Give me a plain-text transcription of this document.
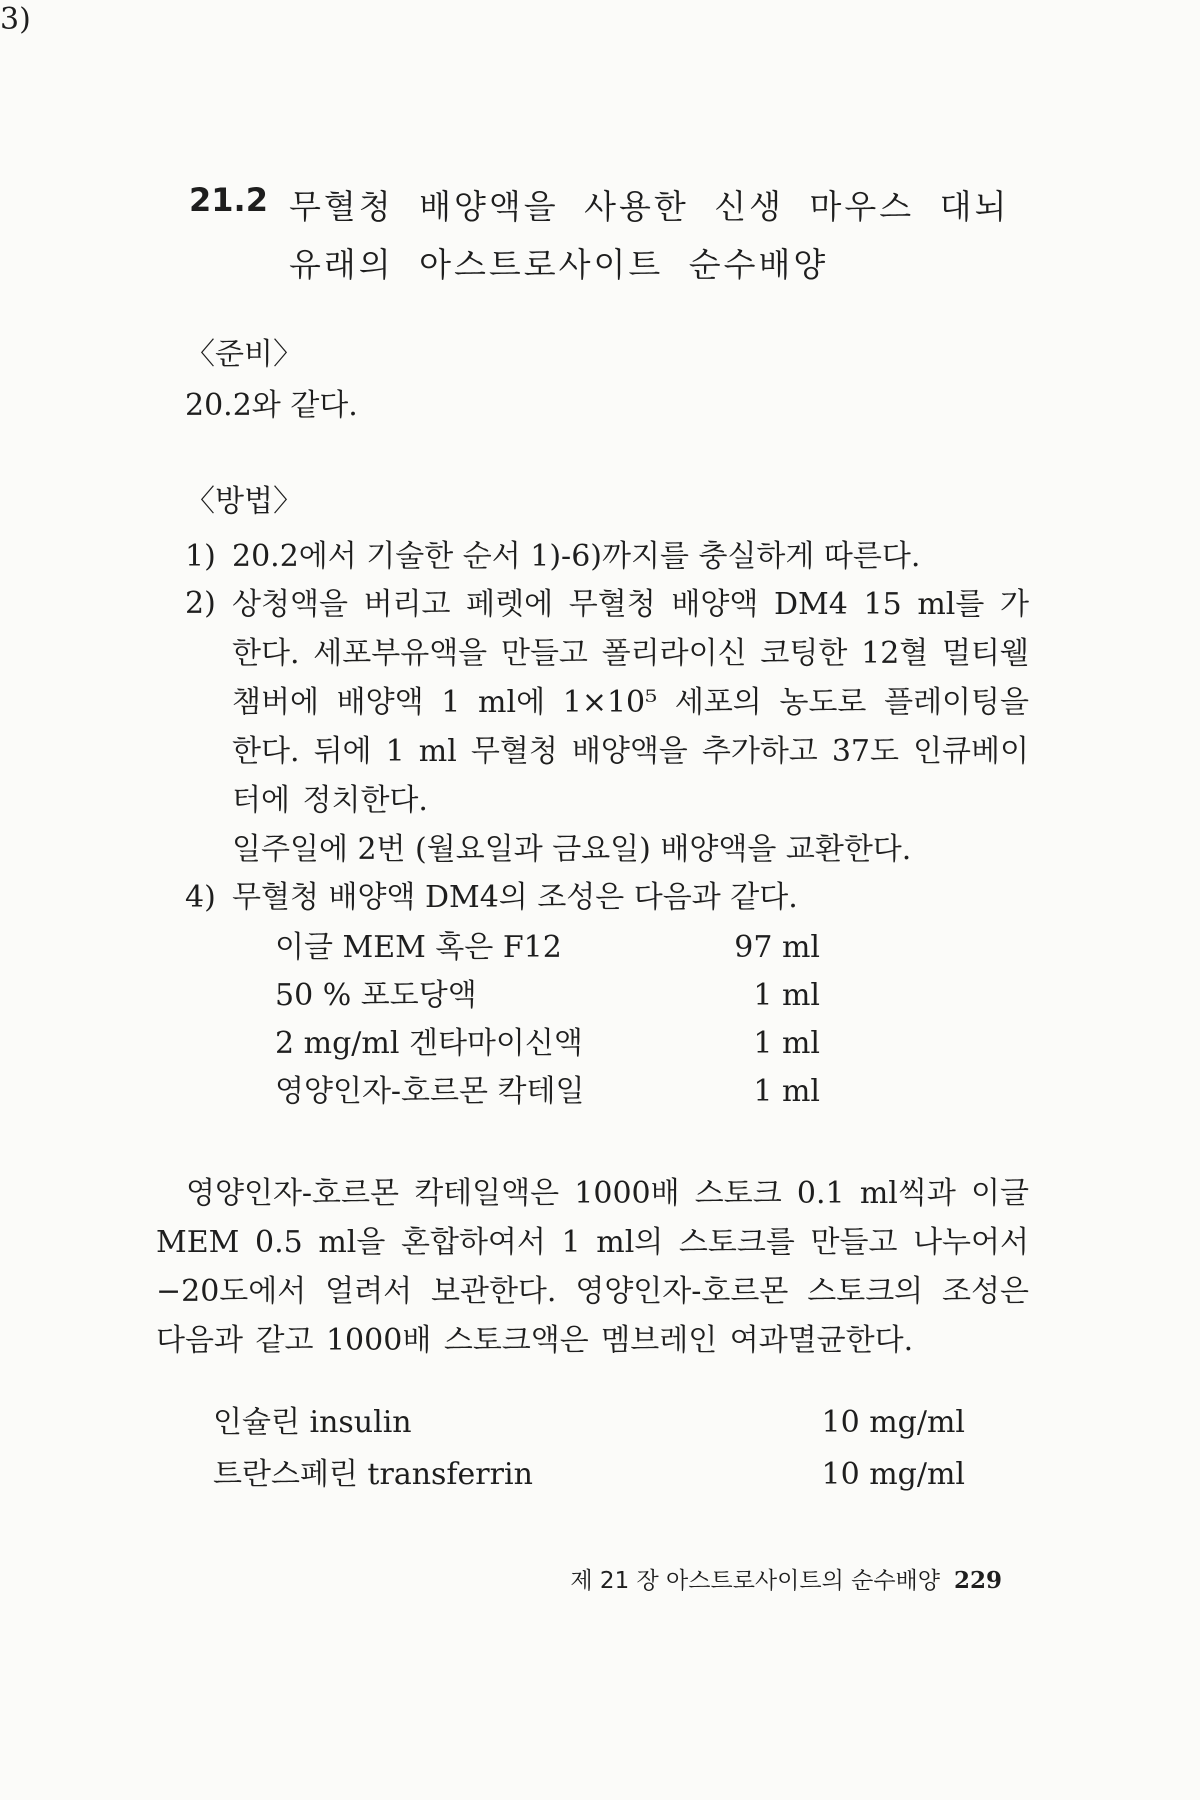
21.2 무혈청 배양액을 사용한 신생 마우스 대뇌 유래의 아스트로사이트 순수배양
〈준비〉
20.2와 같다.
〈방법〉
1) 20.2에서 기술한 순서 1)-6)까지를 충실하게 따른다.
2) 상청액을 버리고 페렛에 무혈청 배양액 DM4 15 ml를 가한다. 세포부유액을 만들고 폴리라이신 코팅한 12혈 멀티웰 챔버에 배양액 1 ml에 1×10⁵ 세포의 농도로 플레이팅을 한다. 뒤에 1 ml 무혈청 배양액을 추가하고 37도 인큐베이터에 정치한다.
3)
일주일에 2번 (월요일과 금요일) 배양액을 교환한다.
4) 무혈청 배양액 DM4의 조성은 다음과 같다.
이글 MEM 혹은 F12	97 ml
50 % 포도당액	1 ml
2 mg/ml 겐타마이신액	1 ml
영양인자-호르몬 칵테일	1 ml
영양인자-호르몬 칵테일액은 1000배 스토크 0.1 ml씩과 이글 MEM 0.5 ml을 혼합하여서 1 ml의 스토크를 만들고 나누어서 −20도에서 얼려서 보관한다. 영양인자-호르몬 스토크의 조성은 다음과 같고 1000배 스토크액은 멤브레인 여과멸균한다.
인슐린 insulin	10 mg/ml
트란스페린 transferrin	10 mg/ml
제 21 장 아스트로사이트의 순수배양 229
